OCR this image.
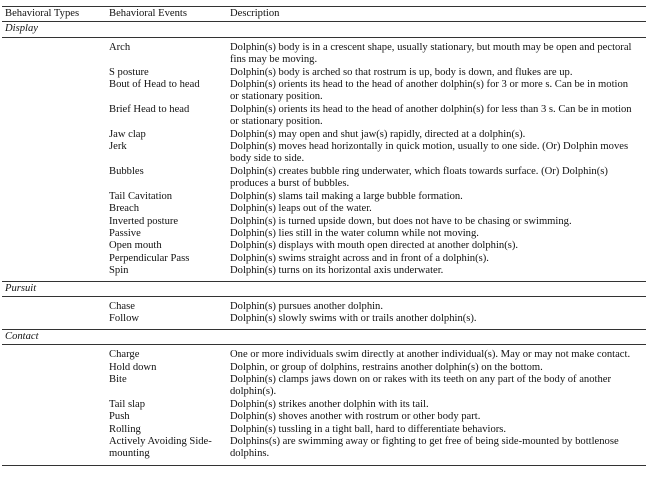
Behavioral Types	Behavioral Events	Description
Display		
	Arch	Dolphin(s) body is in a crescent shape, usually stationary, but mouth may be open and pectoral fins may be moving.
	S posture	Dolphin(s) body is arched so that rostrum is up, body is down, and flukes are up.
	Bout of Head to head	Dolphin(s) orients its head to the head of another dolphin(s) for 3 or more s. Can be in motion or stationary position.
	Brief Head to head	Dolphin(s) orients its head to the head of another dolphin(s) for less than 3 s. Can be in motion or stationary position.
	Jaw clap	Dolphin(s) may open and shut jaw(s) rapidly, directed at a dolphin(s).
	Jerk	Dolphin(s) moves head horizontally in quick motion, usually to one side. (Or) Dolphin moves body side to side.
	Bubbles	Dolphin(s) creates bubble ring underwater, which floats towards surface. (Or) Dolphin(s) produces a burst of bubbles.
	Tail Cavitation	Dolphin(s) slams tail making a large bubble formation.
	Breach	Dolphin(s) leaps out of the water.
	Inverted posture	Dolphin(s) is turned upside down, but does not have to be chasing or swimming.
	Passive	Dolphin(s) lies still in the water column while not moving.
	Open mouth	Dolphin(s) displays with mouth open directed at another dolphin(s).
	Perpendicular Pass	Dolphin(s) swims straight across and in front of a dolphin(s).
	Spin	Dolphin(s) turns on its horizontal axis underwater.
Pursuit		
	Chase	Dolphin(s) pursues another dolphin.
	Follow	Dolphin(s) slowly swims with or trails another dolphin(s).
Contact		
	Charge	One or more individuals swim directly at another individual(s). May or may not make contact.
	Hold down	Dolphin, or group of dolphins, restrains another dolphin(s) on the bottom.
	Bite	Dolphin(s) clamps jaws down on or rakes with its teeth on any part of the body of another dolphin(s).
	Tail slap	Dolphin(s) strikes another dolphin with its tail.
	Push	Dolphin(s) shoves another with rostrum or other body part.
	Rolling	Dolphin(s) tussling in a tight ball, hard to differentiate behaviors.
	Actively Avoiding Side-mounting	Dolphins(s) are swimming away or fighting to get free of being side-mounted by bottlenose dolphins.
